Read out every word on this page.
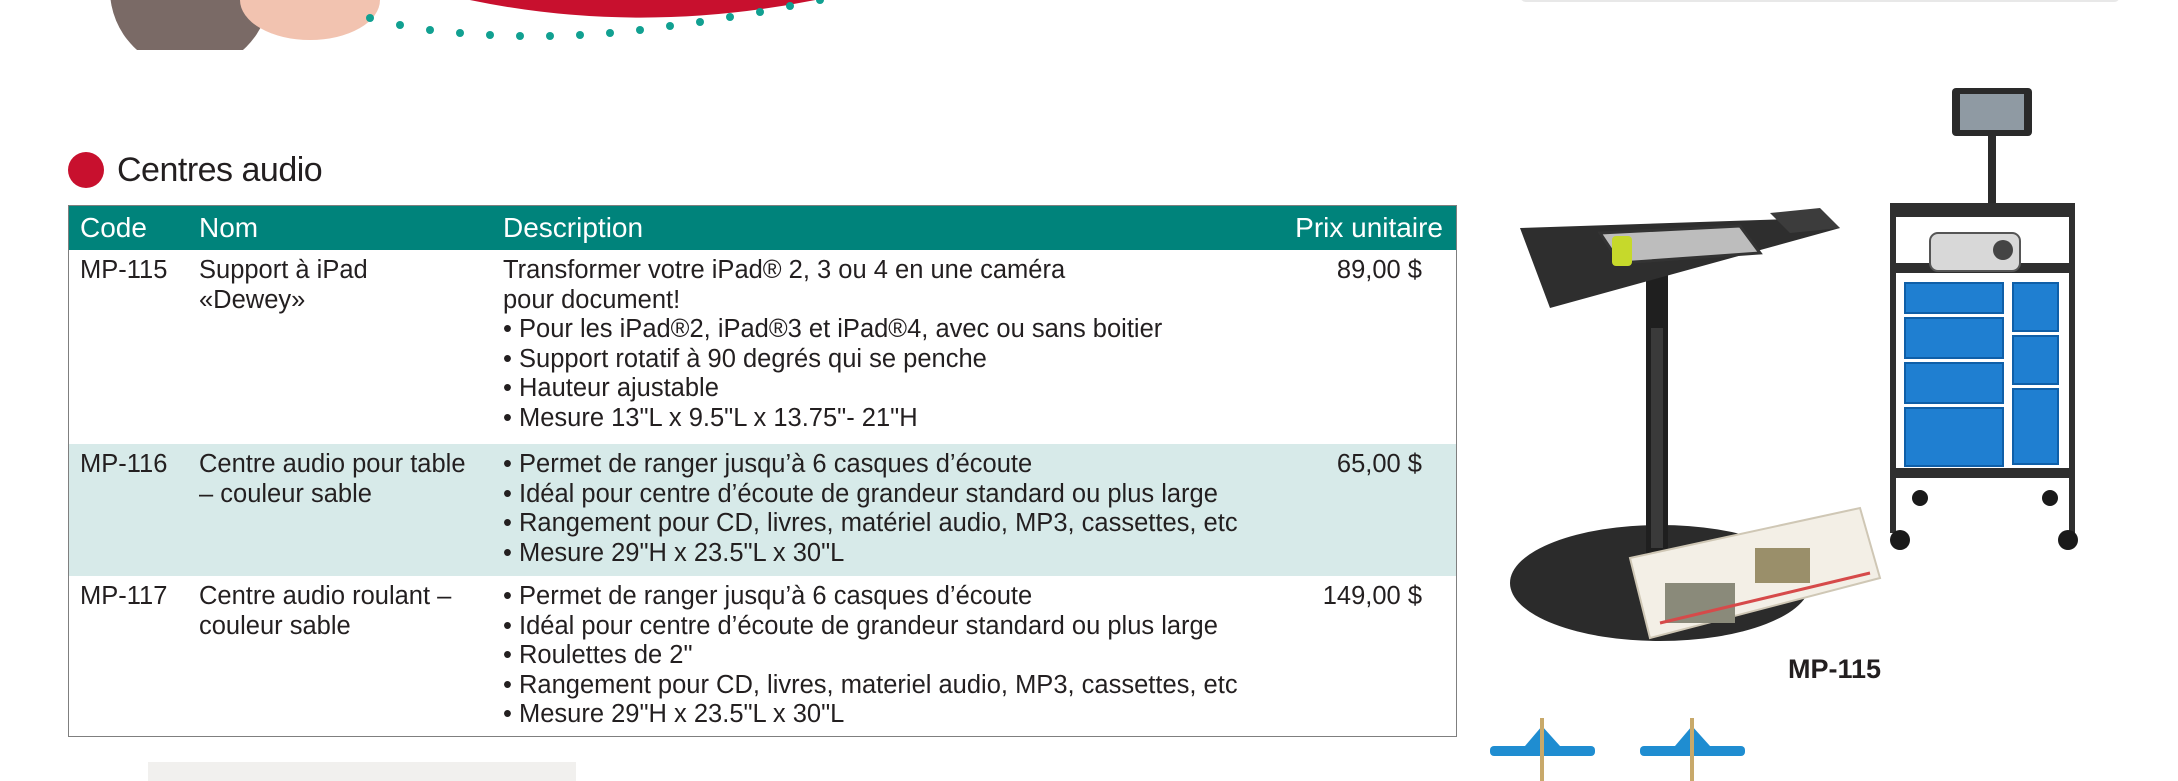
Centres audio
Code Nom	Description	Prix unitaire
MP-115 Support à iPad
«Dewey»
Transformer votre iPad® 2, 3 ou 4 en une caméra
pour document!
• Pour les iPad®2, iPad®3 et iPad®4, avec ou sans boitier
• Support rotatif à 90 degrés qui se penche
• Hauteur ajustable
• Mesure 13"L x 9.5"L x 13.75"- 21"H
89,00 $
MP-116 Centre audio pour table
– couleur sable
• Permet de ranger jusqu’à 6 casques d’écoute
• Idéal pour centre d’écoute de grandeur standard ou plus large
• Rangement pour CD, livres, matériel audio, MP3, cassettes, etc
• Mesure 29"H x 23.5"L x 30"L
65,00 $
MP-117 Centre audio roulant –
couleur sable
• Permet de ranger jusqu’à 6 casques d’écoute
• Idéal pour centre d’écoute de grandeur standard ou plus large
• Roulettes de 2"
• Rangement pour CD, livres, materiel audio, MP3, cassettes, etc
• Mesure 29"H x 23.5"L x 30"L
149,00 $
MP-115
